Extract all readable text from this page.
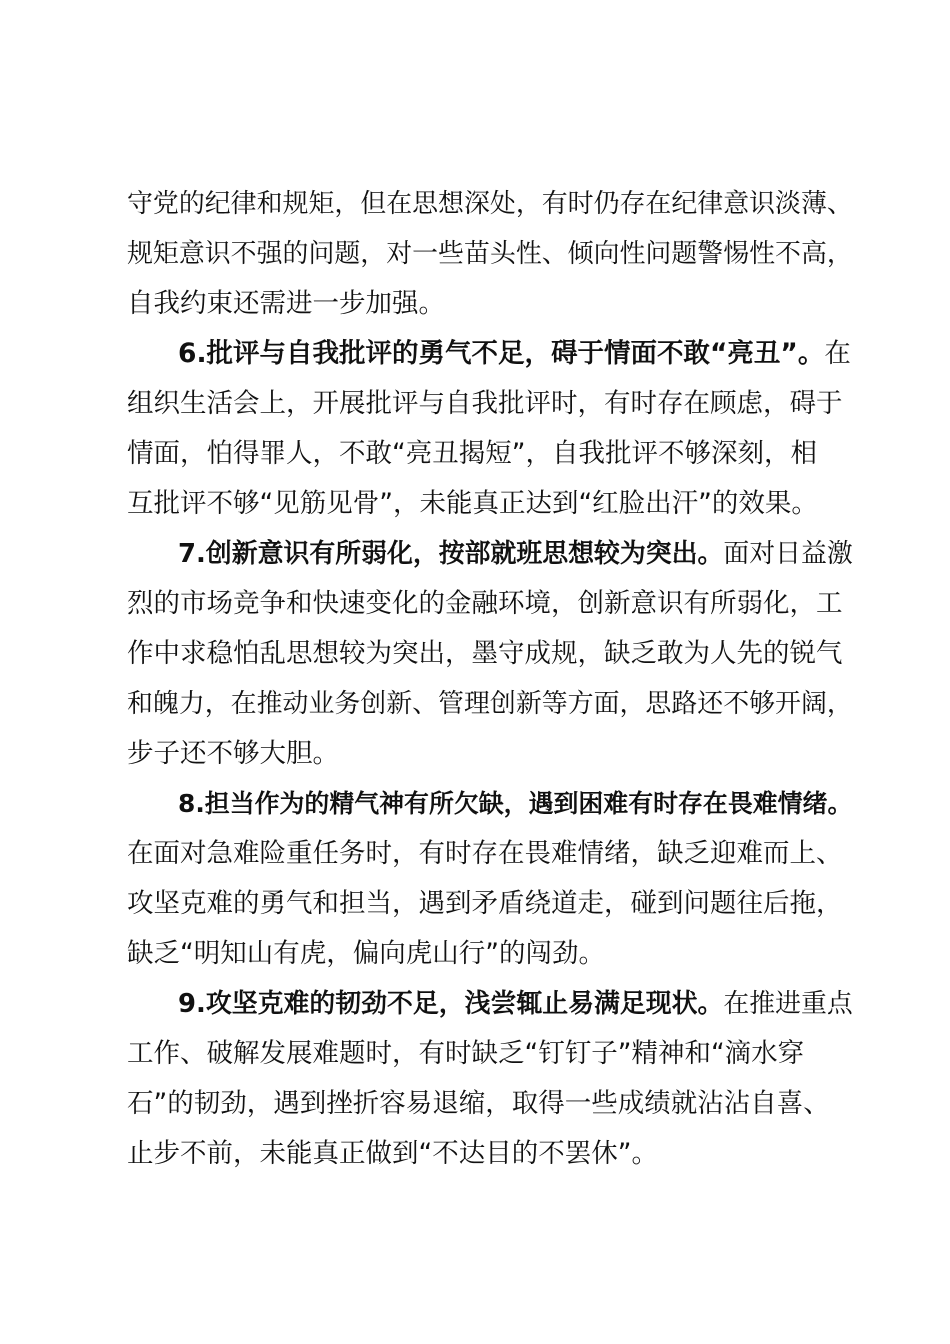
守党的纪律和规矩，但在思想深处，有时仍存在纪律意识淡薄、
规矩意识不强的问题，对一些苗头性、倾向性问题警惕性不高，
自我约束还需进一步加强。
6.批评与自我批评的勇气不足，碍于情面不敢“亮丑”。在
组织生活会上，开展批评与自我批评时，有时存在顾虑，碍于
情面，怕得罪人，不敢“亮丑揭短”，自我批评不够深刻，相
互批评不够“见筋见骨”，未能真正达到“红脸出汗”的效果。
7.创新意识有所弱化，按部就班思想较为突出。面对日益激
烈的市场竞争和快速变化的金融环境，创新意识有所弱化，工
作中求稳怕乱思想较为突出，墨守成规，缺乏敢为人先的锐气
和魄力，在推动业务创新、管理创新等方面，思路还不够开阔，
步子还不够大胆。
8.担当作为的精气神有所欠缺，遇到困难有时存在畏难情绪。
在面对急难险重任务时，有时存在畏难情绪，缺乏迎难而上、
攻坚克难的勇气和担当，遇到矛盾绕道走，碰到问题往后拖，
缺乏“明知山有虎，偏向虎山行”的闯劲。
9.攻坚克难的韧劲不足，浅尝辄止易满足现状。在推进重点
工作、破解发展难题时，有时缺乏“钉钉子”精神和“滴水穿
石”的韧劲，遇到挫折容易退缩，取得一些成绩就沾沾自喜、
止步不前，未能真正做到“不达目的不罢休”。
